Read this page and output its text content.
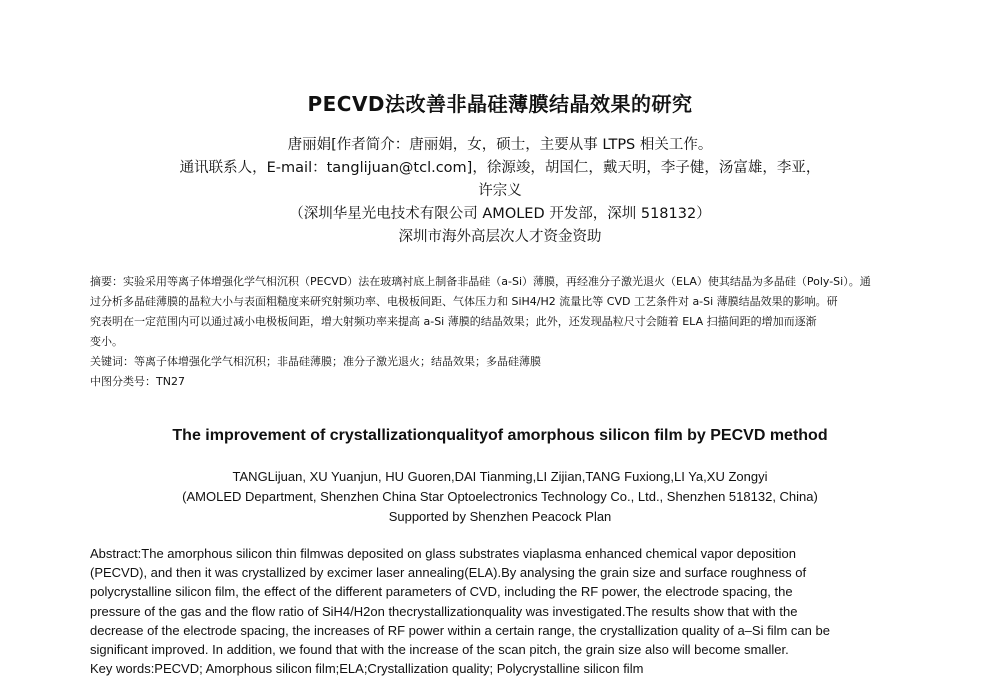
PECVD法改善非晶硅薄膜结晶效果的研究
唐丽娟[作者简介：唐丽娟，女，硕士，主要从事 LTPS 相关工作。
通讯联系人，E-mail：tanglijuan@tcl.com]，徐源竣，胡国仁，戴天明，李子健，汤富雄，李亚，
许宗义
（深圳华星光电技术有限公司 AMOLED 开发部，深圳 518132）
深圳市海外高层次人才资金资助
摘要：实验采用等离子体增强化学气相沉积（PECVD）法在玻璃衬底上制备非晶硅（a-Si）薄膜，再经准分子激光退火（ELA）使其结晶为多晶硅（Poly-Si）。通
过分析多晶硅薄膜的晶粒大小与表面粗糙度来研究射频功率、电极板间距、气体压力和 SiH4/H2 流量比等 CVD 工艺条件对 a-Si 薄膜结晶效果的影响。研
究表明在一定范围内可以通过减小电极板间距，增大射频功率来提高 a-Si 薄膜的结晶效果；此外，还发现晶粒尺寸会随着 ELA 扫描间距的增加而逐渐
变小。
关键词：等离子体增强化学气相沉积；非晶硅薄膜；准分子激光退火；结晶效果；多晶硅薄膜
中图分类号：TN27
The improvement of crystallizationqualityof amorphous silicon film by PECVD method
TANGLijuan, XU Yuanjun, HU Guoren,DAI Tianming,LI Zijian,TANG Fuxiong,LI Ya,XU Zongyi
(AMOLED Department, Shenzhen China Star Optoelectronics Technology Co., Ltd., Shenzhen 518132, China)
Supported by Shenzhen Peacock Plan
Abstract:The amorphous silicon thin filmwas deposited on glass substrates viaplasma enhanced chemical vapor deposition
(PECVD), and then it was crystallized by excimer laser annealing(ELA).By analysing the grain size and surface roughness of
polycrystalline silicon film, the effect of the different parameters of CVD, including the RF power, the electrode spacing, the
pressure of the gas and the flow ratio of SiH4/H2on thecrystallizationquality was investigated.The results show that with the
decrease of the electrode spacing, the increases of RF power within a certain range, the crystallization quality of a–Si film can be
significant improved. In addition, we found that with the increase of the scan pitch, the grain size also will become smaller.
Key words:PECVD; Amorphous silicon film;ELA;Crystallization quality; Polycrystalline silicon film
